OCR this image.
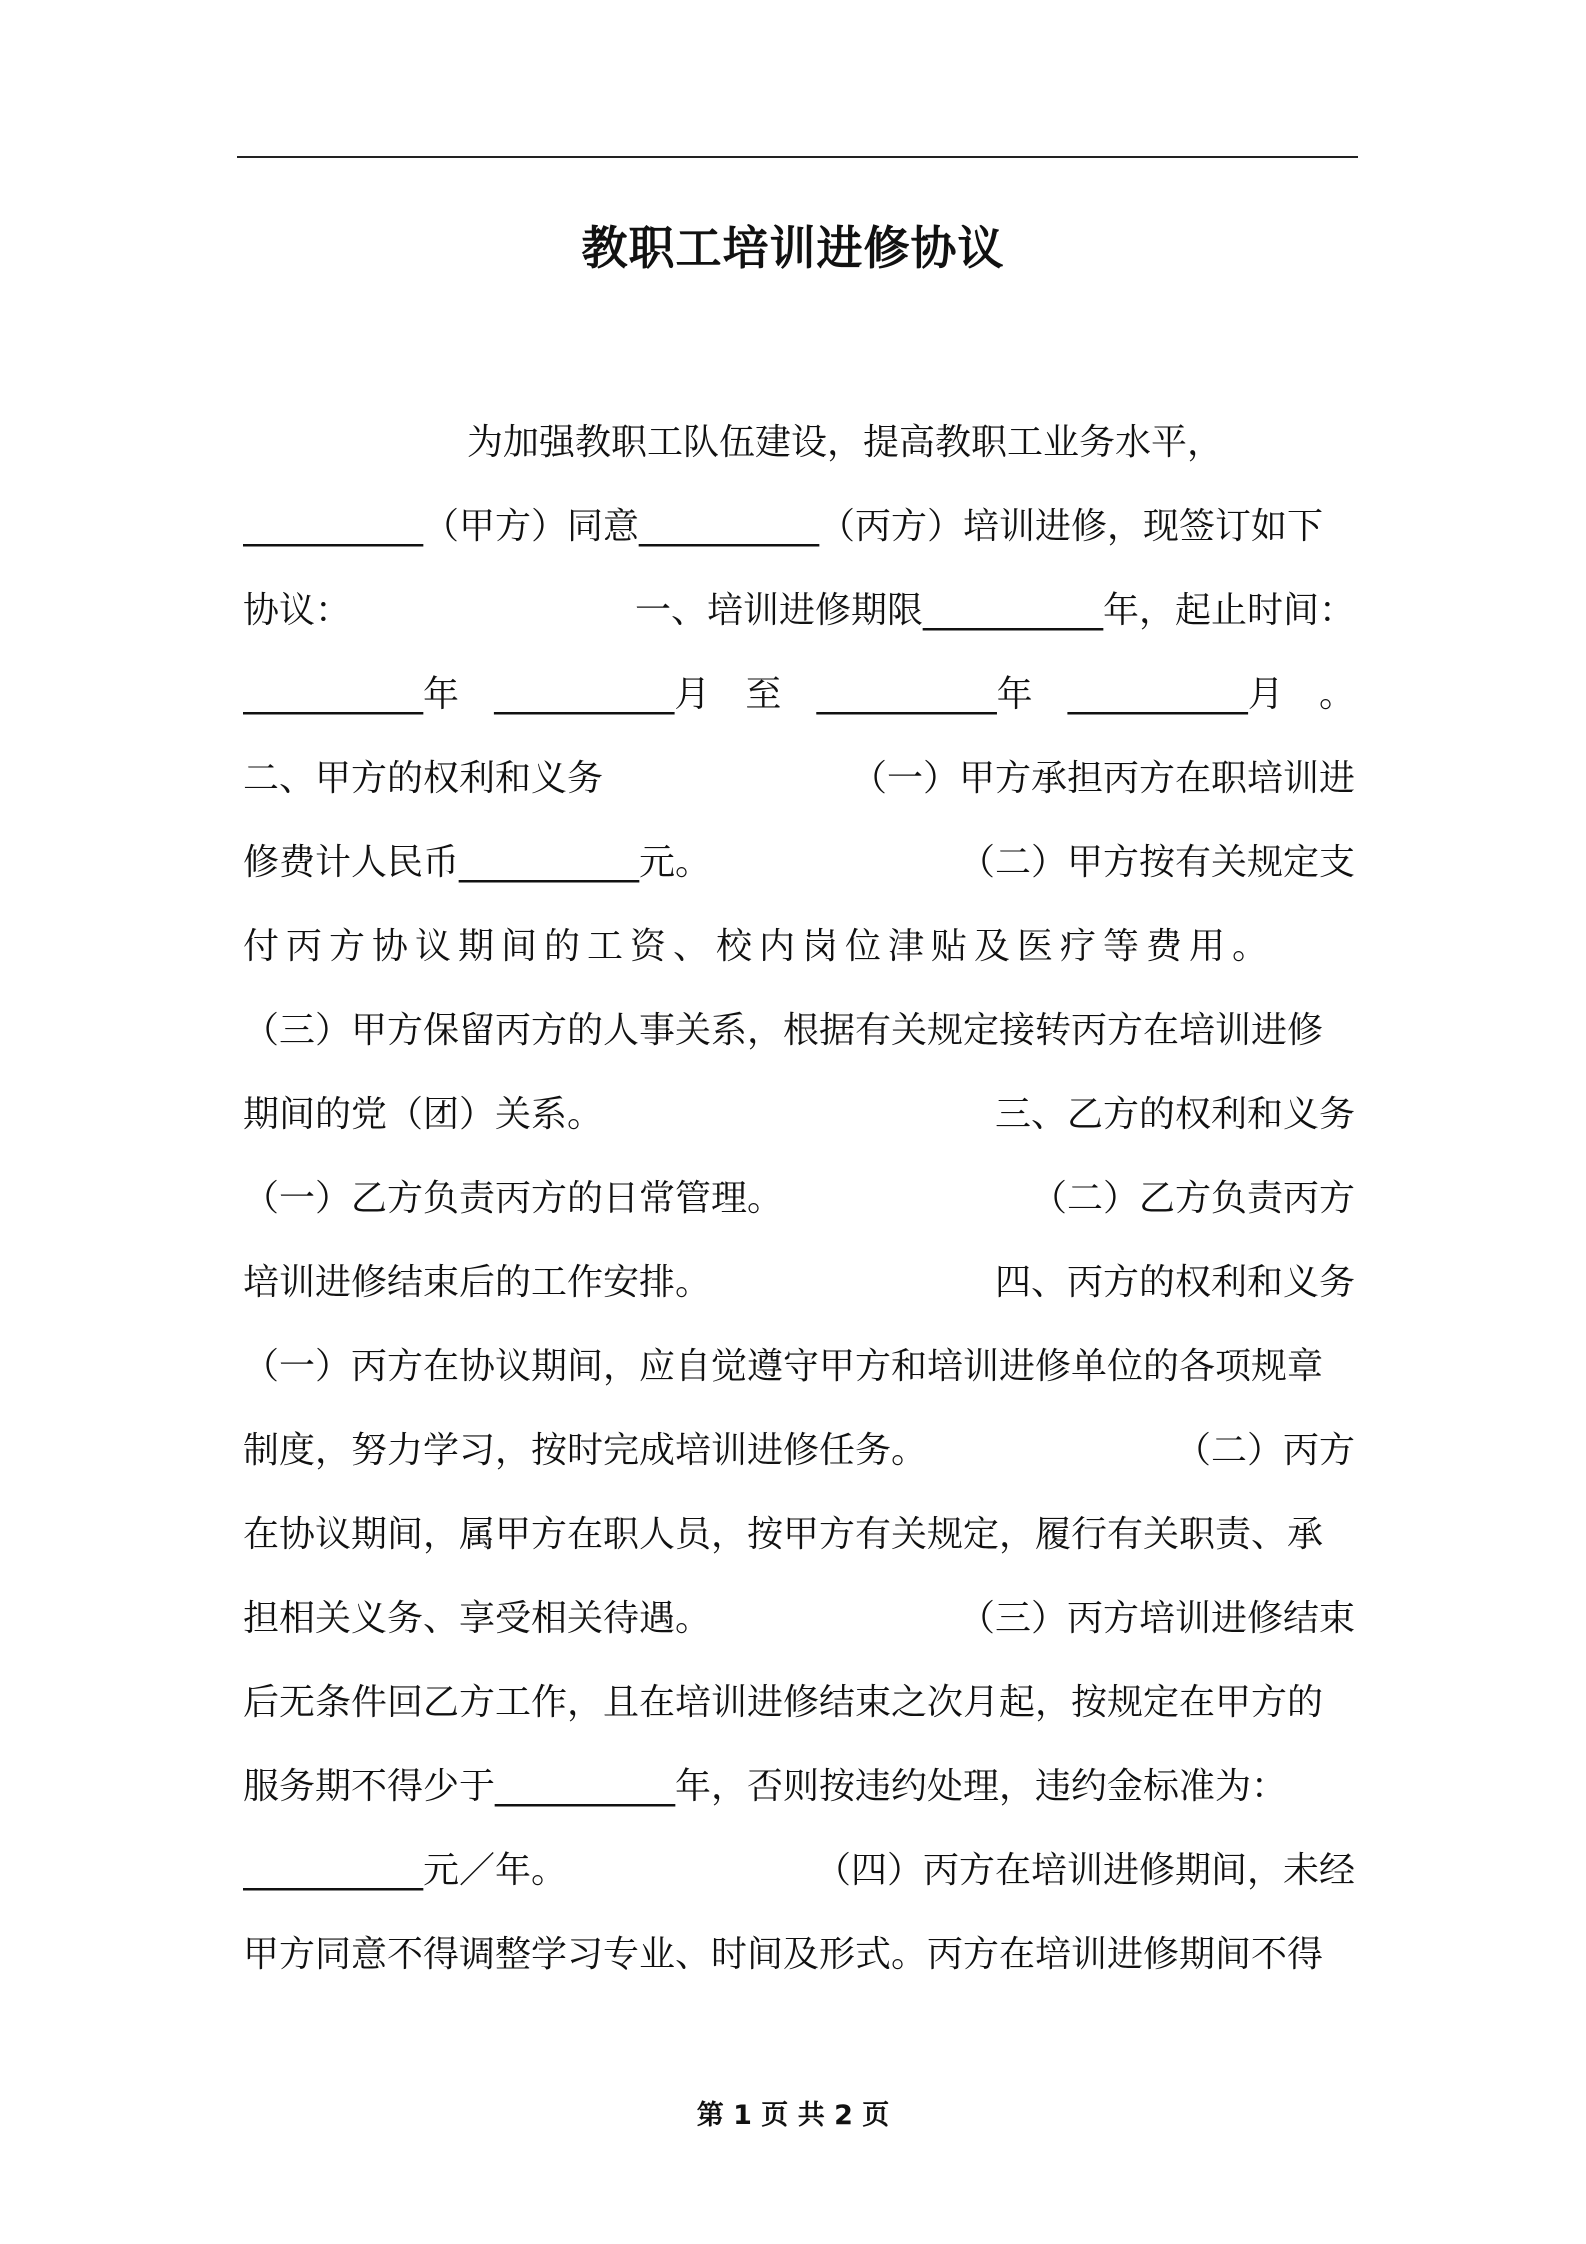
教职工培训进修协议
为加强教职工队伍建设，提高教职工业务水平，
__________（甲方）同意__________（丙方）培训进修，现签订如下
协议：	一、培训进修期限__________年，起止时间：
__________年 __________月 至 __________年 __________月 。
二、甲方的权利和义务	（一）甲方承担丙方在职培训进
修费计人民币__________元。	（二）甲方按有关规定支
付丙方协议期间的工资、校内岗位津贴及医疗等费用。
（三）甲方保留丙方的人事关系，根据有关规定接转丙方在培训进修
期间的党（团）关系。	三、乙方的权利和义务
（一）乙方负责丙方的日常管理。	（二）乙方负责丙方
培训进修结束后的工作安排。	四、丙方的权利和义务
（一）丙方在协议期间，应自觉遵守甲方和培训进修单位的各项规章
制度，努力学习，按时完成培训进修任务。	（二）丙方
在协议期间，属甲方在职人员，按甲方有关规定，履行有关职责、承
担相关义务、享受相关待遇。	（三）丙方培训进修结束
后无条件回乙方工作，且在培训进修结束之次月起，按规定在甲方的
服务期不得少于__________年，否则按违约处理，违约金标准为：
__________元／年。	（四）丙方在培训进修期间，未经
甲方同意不得调整学习专业、时间及形式。丙方在培训进修期间不得
第 1 页 共 2 页
